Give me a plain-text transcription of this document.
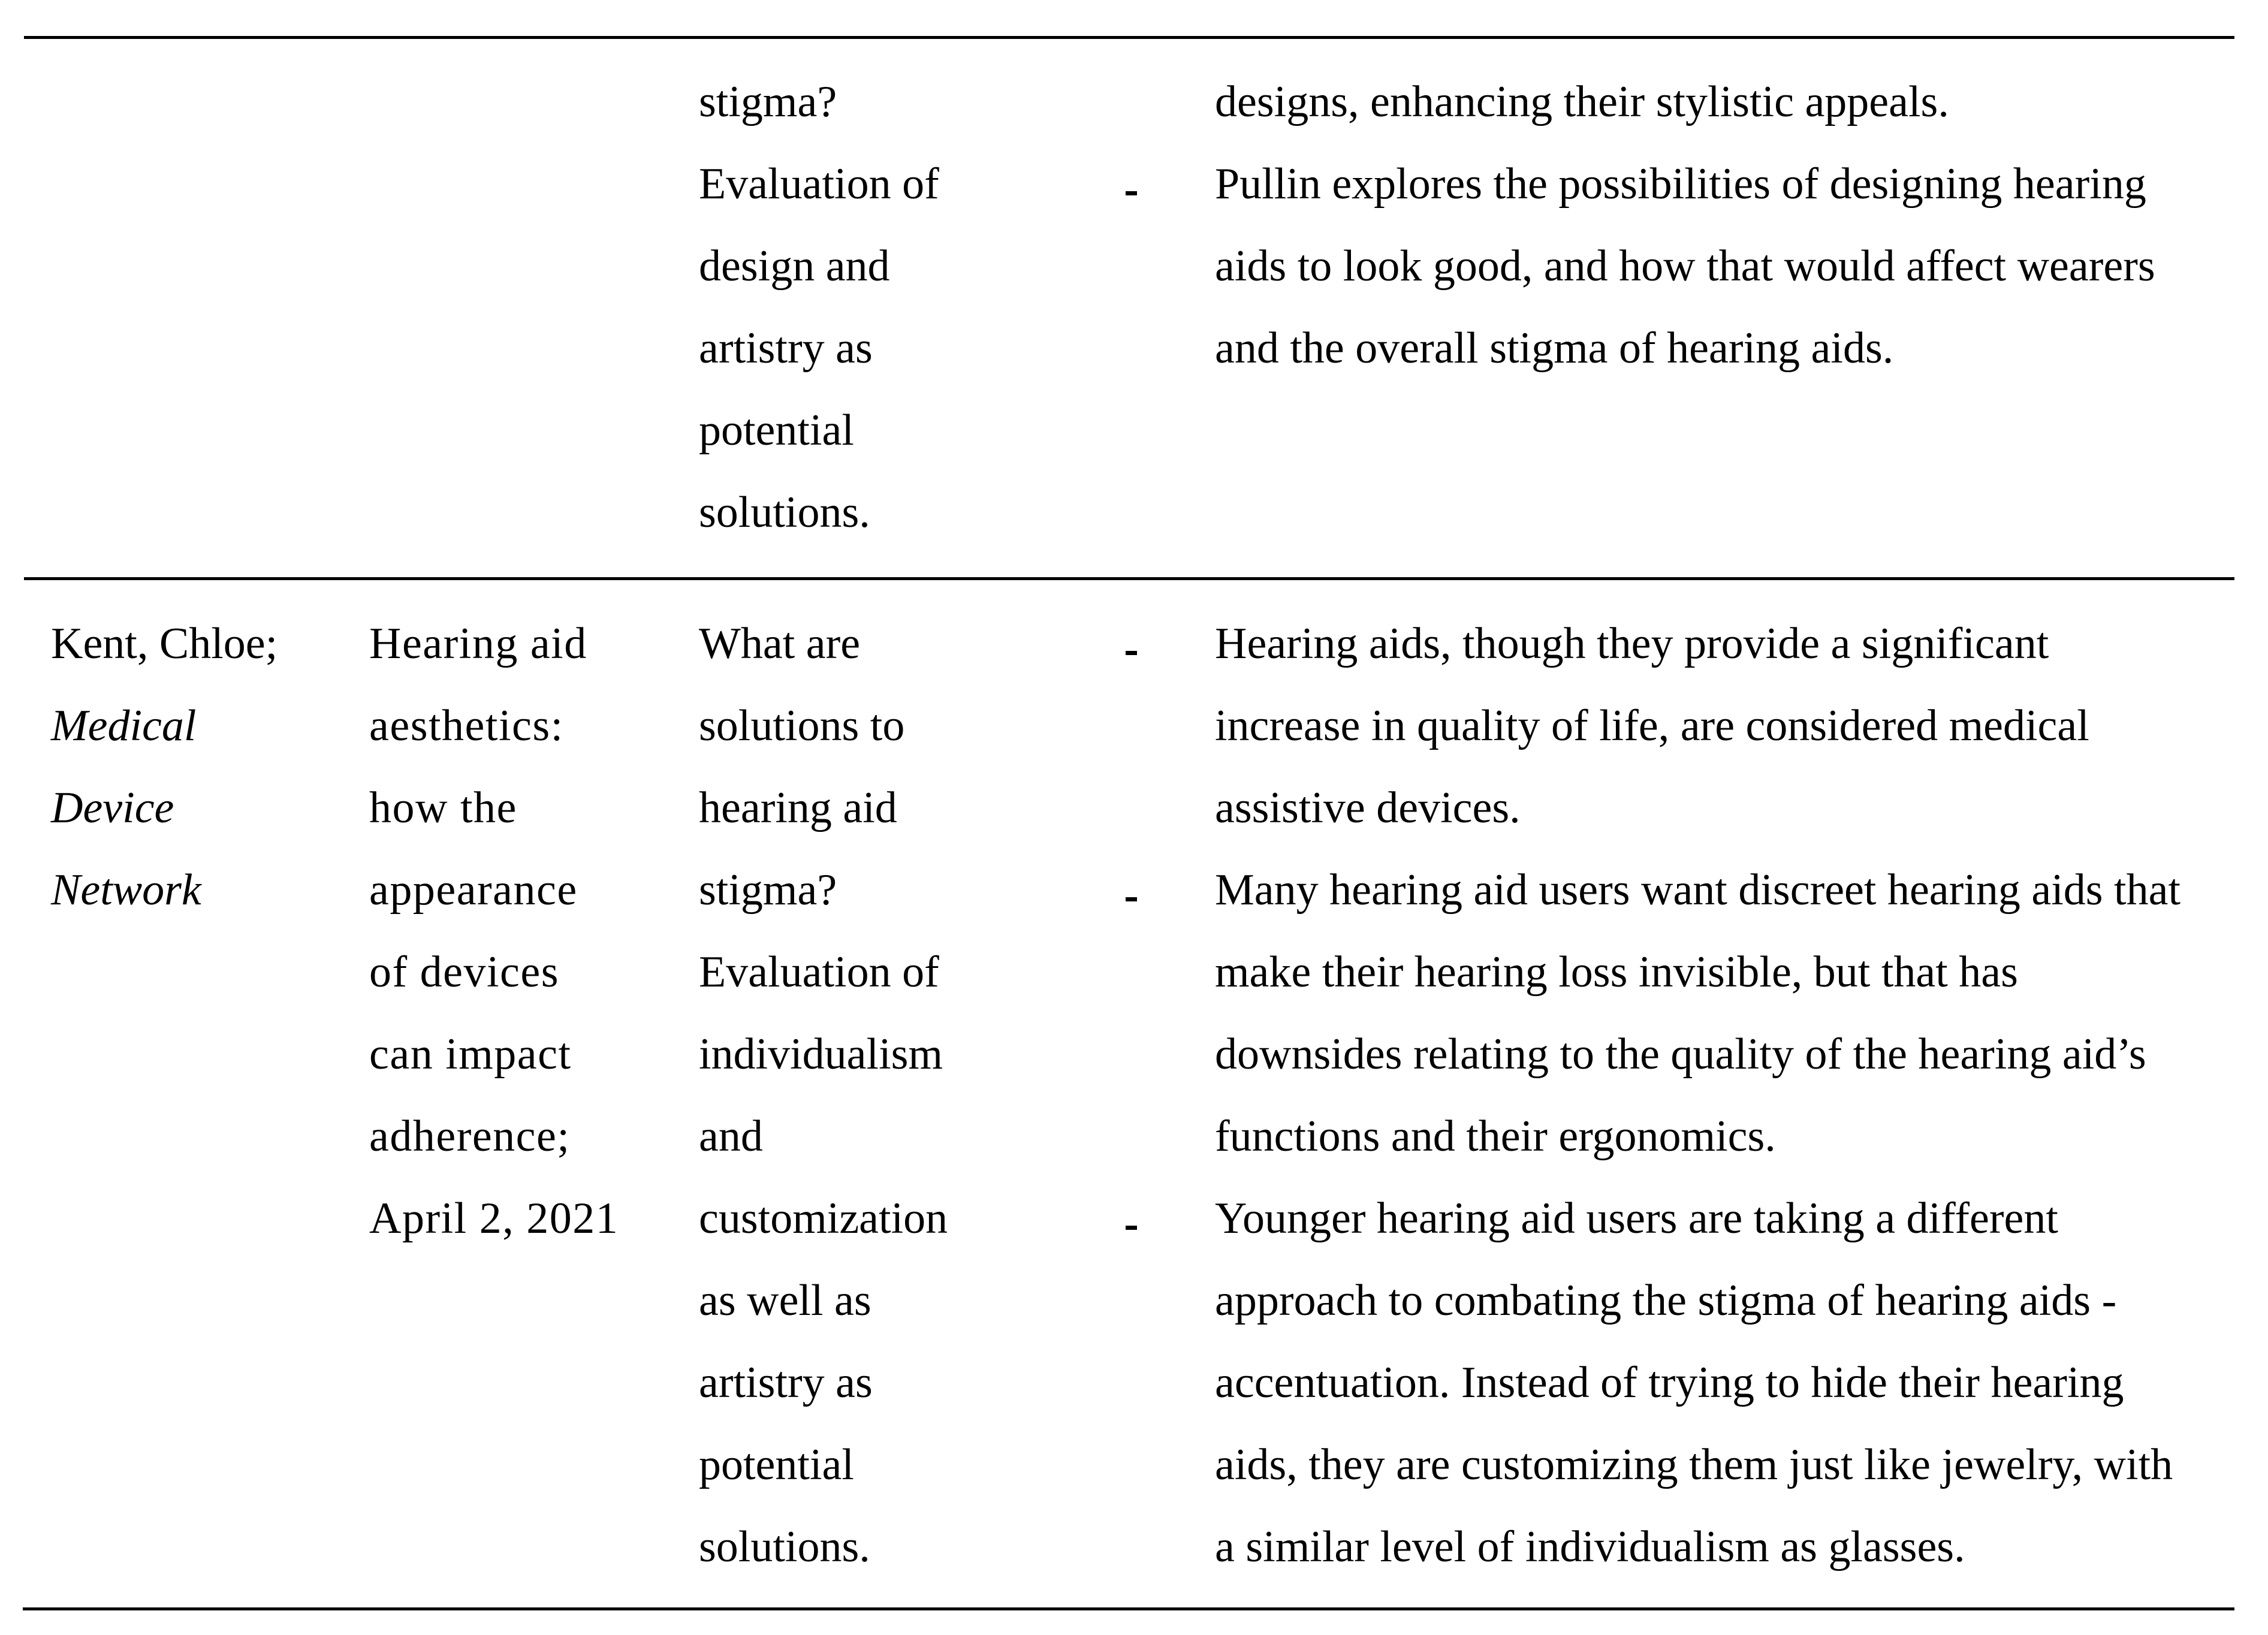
stigma?
Evaluation of
design and
artistry as
potential
solutions.
designs, enhancing their stylistic appeals.
Pullin explores the possibilities of designing hearing
aids to look good, and how that would affect wearers
and the overall stigma of hearing aids.
Kent, Chloe;
Medical
Device
Network
Hearing aid
aesthetics:
how the
appearance
of devices
can impact
adherence;
April 2, 2021
What are
solutions to
hearing aid
stigma?
Evaluation of
individualism
and
customization
as well as
artistry as
potential
solutions.
Hearing aids, though they provide a significant
increase in quality of life, are considered medical
assistive devices.
Many hearing aid users want discreet hearing aids that
make their hearing loss invisible, but that has
downsides relating to the quality of the hearing aid’s
functions and their ergonomics.
Younger hearing aid users are taking a different
approach to combating the stigma of hearing aids -
accentuation. Instead of trying to hide their hearing
aids, they are customizing them just like jewelry, with
a similar level of individualism as glasses.
